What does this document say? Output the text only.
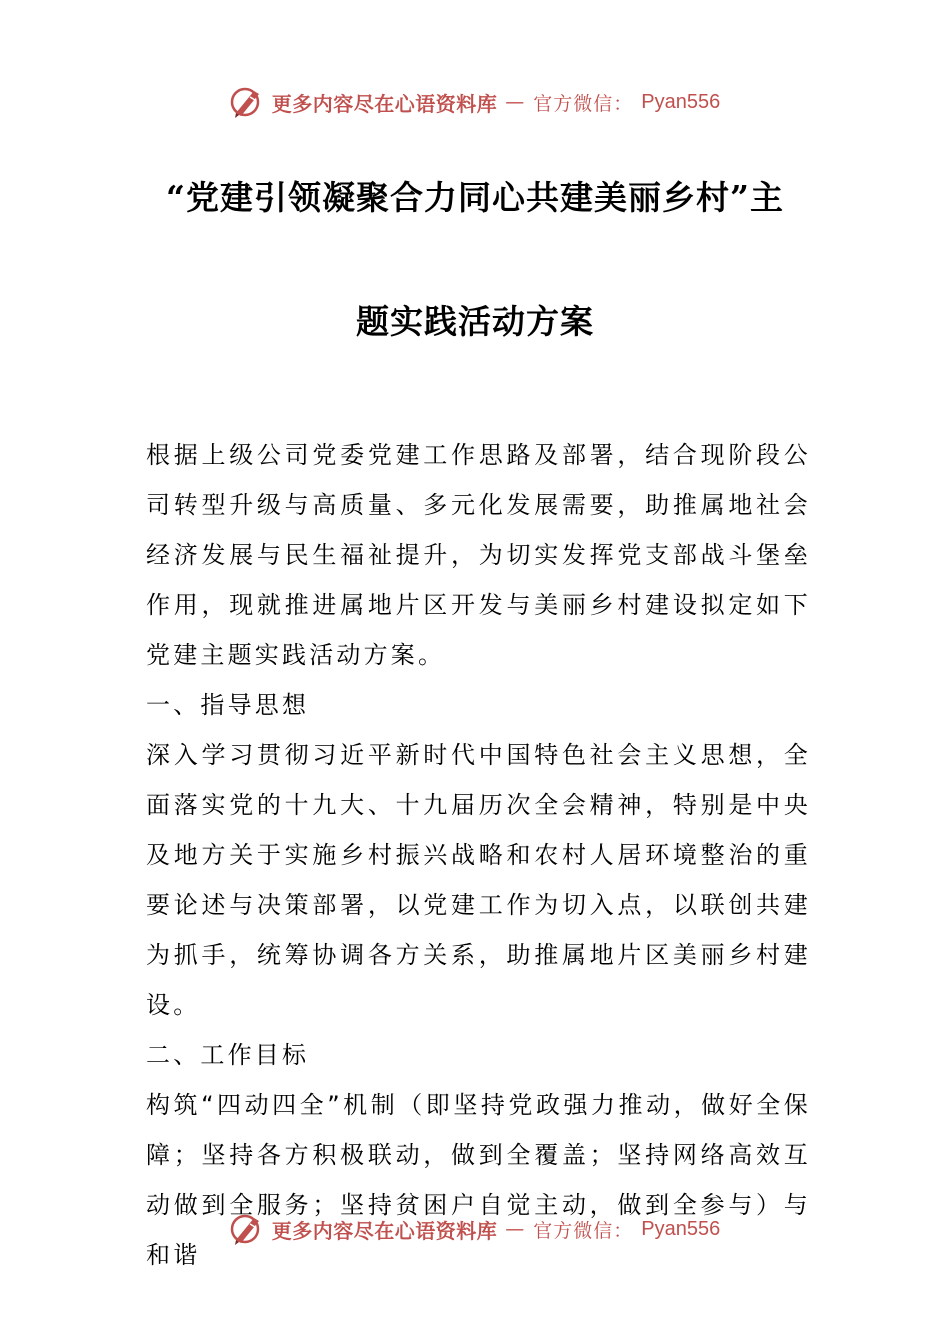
更多内容尽在心语资料库 — 官方微信： Pyan556
“党建引领凝聚合力同心共建美丽乡村”主
题实践活动方案

根据上级公司党委党建工作思路及部署，结合现阶段公司转型升级与高质量、多元化发展需要，助推属地社会经济发展与民生福祉提升，为切实发挥党支部战斗堡垒作用，现就推进属地片区开发与美丽乡村建设拟定如下党建主题实践活动方案。

一、指导思想

深入学习贯彻习近平新时代中国特色社会主义思想，全面落实党的十九大、十九届历次全会精神，特别是中央及地方关于实施乡村振兴战略和农村人居环境整治的重要论述与决策部署，以党建工作为切入点，以联创共建为抓手，统筹协调各方关系，助推属地片区美丽乡村建设。

二、工作目标

构筑“四动四全”机制（即坚持党政强力推动，做好全保障；坚持各方积极联动，做到全覆盖；坚持网络高效互动做到全服务；坚持贫困户自觉主动，做到全参与）与和谐

更多内容尽在心语资料库 — 官方微信： Pyan556
